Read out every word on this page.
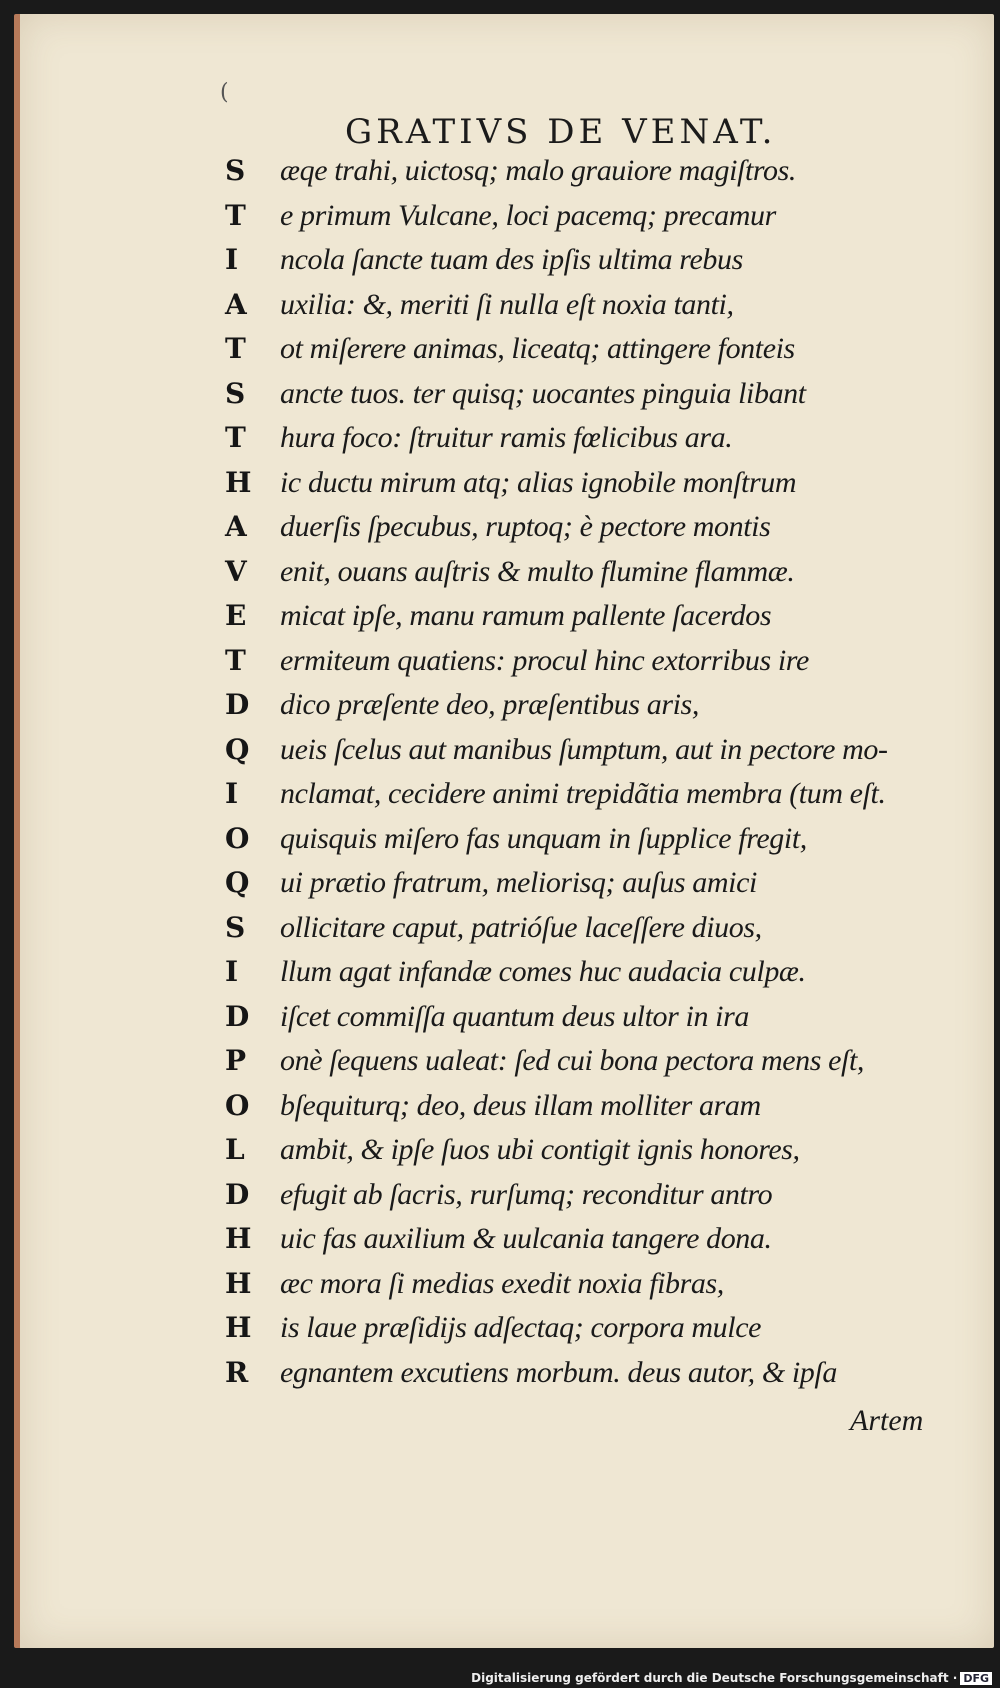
(
GRATIVS DE VENAT.
S	æqe trahi, uictosq; malo grauiore magiſtros.
T	e primum Vulcane, loci pacemq; precamur
I	ncola ſancte tuam des ipſis ultima rebus
A	uxilia: &, meriti ſi nulla eſt noxia tanti,
T	ot miſerere animas, liceatq; attingere fonteis
S	ancte tuos. ter quisq; uocantes pinguia libant
T	hura foco: ſtruitur ramis fœlicibus ara.
H ic ductu mirum atq; alias ignobile monſtrum
A	duerſis ſpecubus, ruptoq; è pectore montis
V	enit, ouans auſtris & multo flumine flammæ.
E	micat ipſe, manu ramum pallente ſacerdos
T	ermiteum quatiens: procul hinc extorribus ire
D	dico præſente deo, præſentibus aris,
Q	ueis ſcelus aut manibus ſumptum, aut in pectore mo-
I	nclamat, cecidere animi trepidãtia membra (tum eſt.
O	quisquis miſero fas unquam in ſupplice fregit,
Q	ui prætio fratrum, meliorisq; auſus amici
S	ollicitare caput, patrióſue laceſſere diuos,
I	llum agat infandæ comes huc audacia culpæ.
D	iſcet commiſſa quantum deus ultor in ira
P	onè ſequens ualeat: ſed cui bona pectora mens eſt,
O	bſequiturq; deo, deus illam molliter aram
L	ambit, & ipſe ſuos ubi contigit ignis honores,
D	efugit ab ſacris, rurſumq; reconditur antro
H uic fas auxilium & uulcania tangere dona.
H æc mora ſi medias exedit noxia fibras,
H is laue præſidijs adſectaq; corpora mulce
R	egnantem excutiens morbum. deus autor, & ipſa
Artem
Digitalisierung gefördert durch die Deutsche Forschungsgemeinschaft · DFG
